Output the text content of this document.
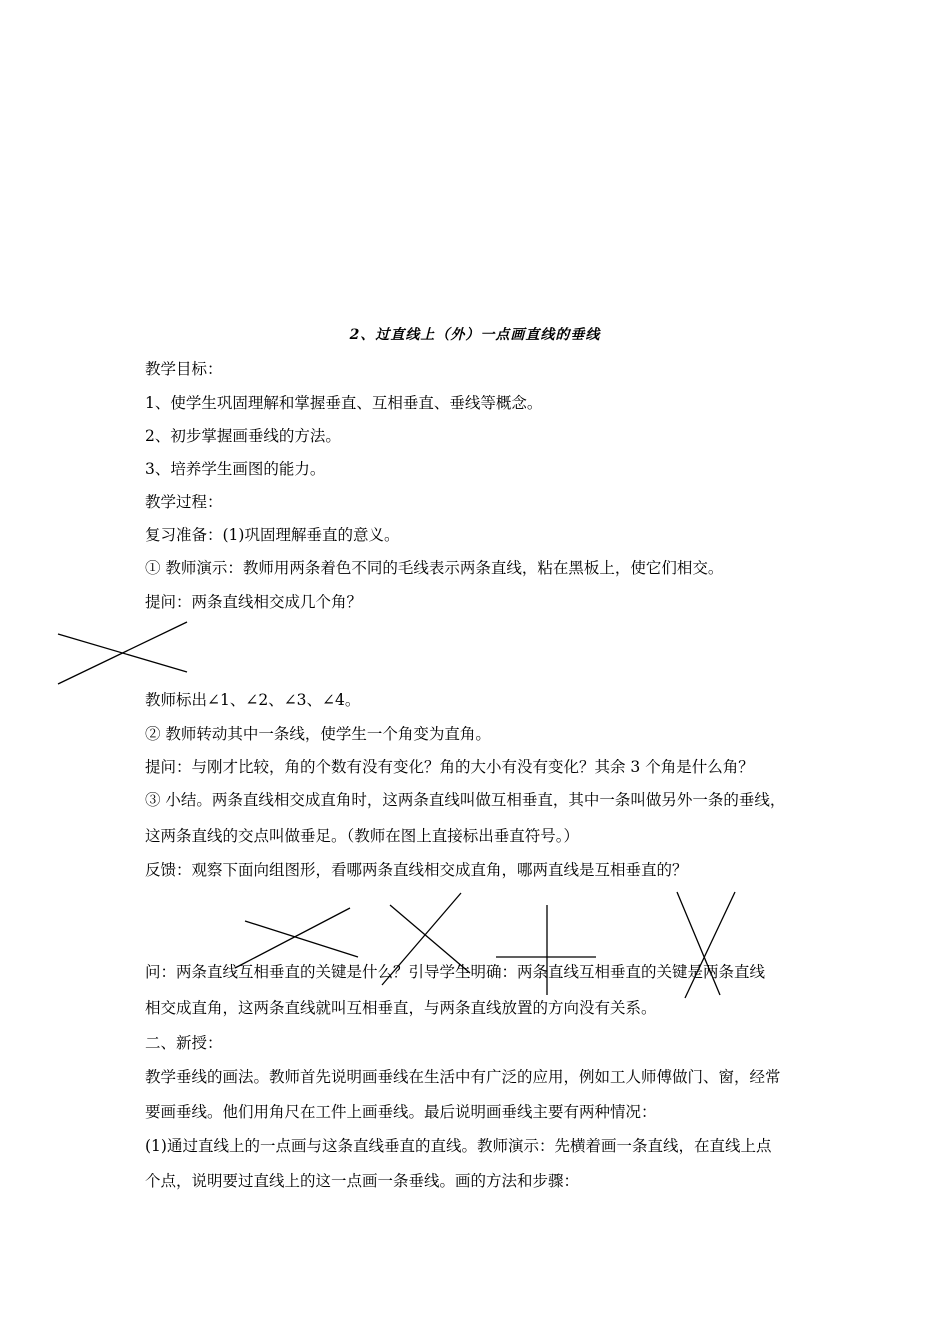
2、过直线上（外）一点画直线的垂线
教学目标：
1、使学生巩固理解和掌握垂直、互相垂直、垂线等概念。
2、初步掌握画垂线的方法。
3、培养学生画图的能力。
教学过程：
复习准备：(1)巩固理解垂直的意义。
① 教师演示：教师用两条着色不同的毛线表示两条直线，粘在黑板上，使它们相交。
提问：两条直线相交成几个角？
教师标出∠1、∠2、∠3、∠4。
② 教师转动其中一条线，使学生一个角变为直角。
提问：与刚才比较，角的个数有没有变化？角的大小有没有变化？其余 3 个角是什么角？
③ 小结。两条直线相交成直角时，这两条直线叫做互相垂直，其中一条叫做另外一条的垂线，
这两条直线的交点叫做垂足。（教师在图上直接标出垂直符号。）
反馈：观察下面向组图形，看哪两条直线相交成直角，哪两直线是互相垂直的？
问：两条直线互相垂直的关键是什么？引导学生明确：两条直线互相垂直的关键是两条直线
相交成直角，这两条直线就叫互相垂直，与两条直线放置的方向没有关系。
二、新授：
教学垂线的画法。教师首先说明画垂线在生活中有广泛的应用，例如工人师傅做门、窗，经常
要画垂线。他们用角尺在工件上画垂线。最后说明画垂线主要有两种情况：
(1)通过直线上的一点画与这条直线垂直的直线。教师演示：先横着画一条直线，在直线上点
个点，说明要过直线上的这一点画一条垂线。画的方法和步骤：
